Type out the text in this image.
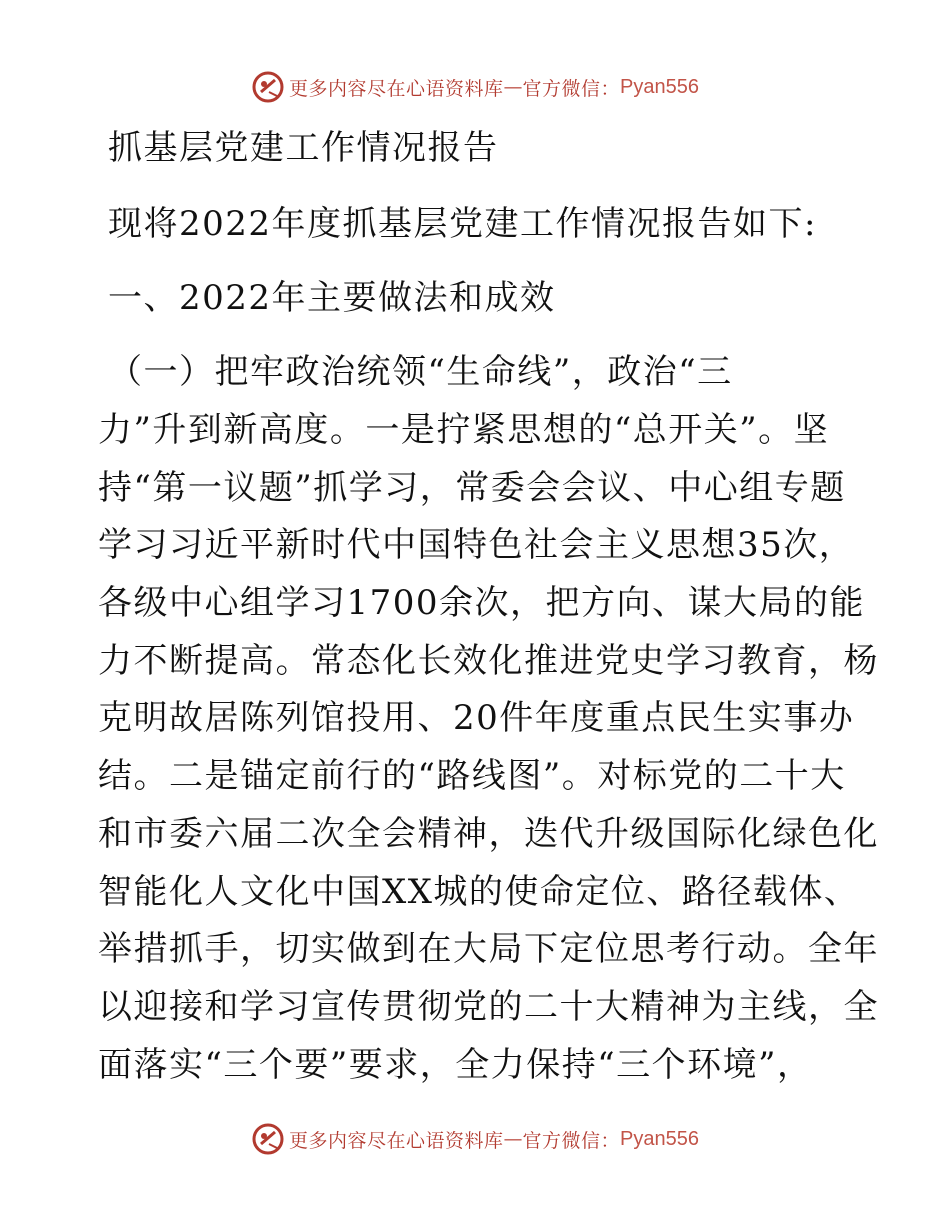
更多内容尽在心语资料库 — 官方微信： Pyan556
抓基层党建工作情况报告
现将2022年度抓基层党建工作情况报告如下:
一、2022年主要做法和成效
（一）把牢政治统领“生命线”，政治“三
力”升到新高度。一是拧紧思想的“总开关”。坚
持“第一议题”抓学习，常委会会议、中心组专题
学习习近平新时代中国特色社会主义思想35次，
各级中心组学习1700余次，把方向、谋大局的能
力不断提高。常态化长效化推进党史学习教育，杨
克明故居陈列馆投用、20件年度重点民生实事办
结。二是锚定前行的“路线图”。对标党的二十大
和市委六届二次全会精神，迭代升级国际化绿色化
智能化人文化中国XX城的使命定位、路径载体、
举措抓手，切实做到在大局下定位思考行动。全年
以迎接和学习宣传贯彻党的二十大精神为主线，全
面落实“三个要”要求，全力保持“三个环境”，
更多内容尽在心语资料库 — 官方微信： Pyan556
